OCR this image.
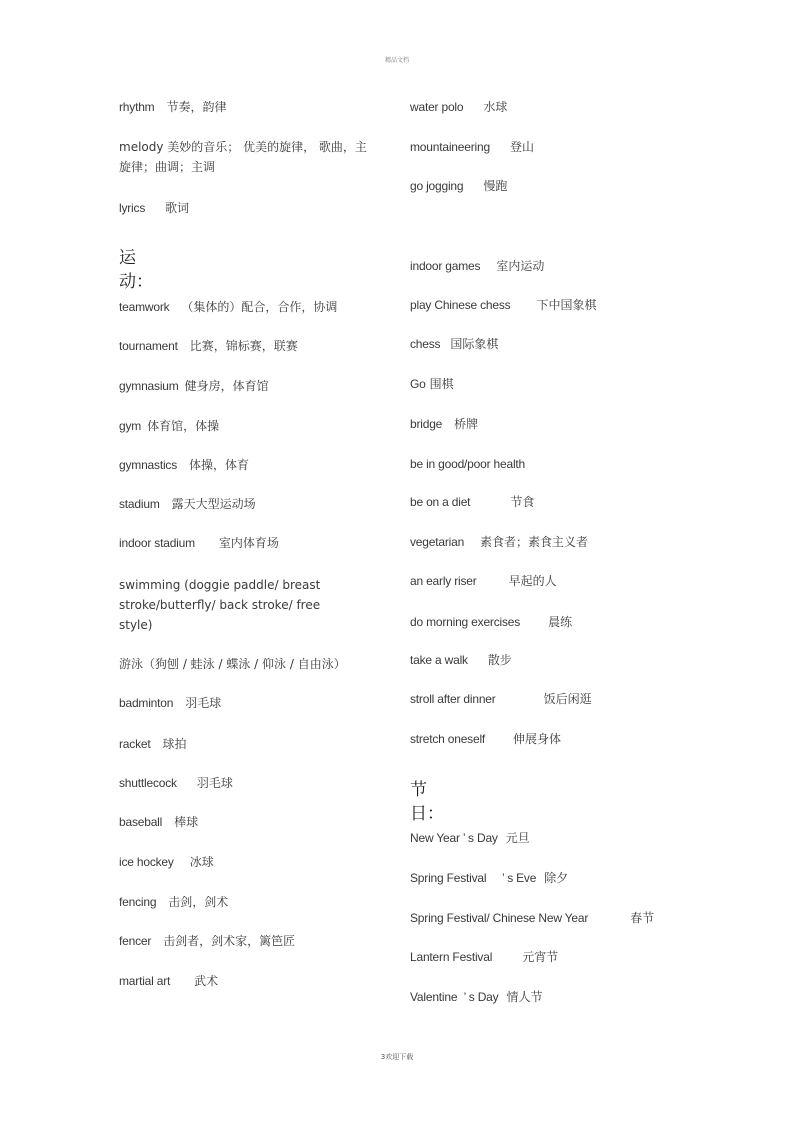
精品文档
rhythm 节奏，韵律
melody 美妙的音乐； 优美的旋律， 歌曲，主
旋律；曲调；主调
lyrics 歌词
运动：
teamwork （集体的）配合，合作，协调
tournament 比赛，锦标赛，联赛
gymnasium 健身房，体育馆
gym 体育馆，体操
gymnastics 体操，体育
stadium 露天大型运动场
indoor stadium 室内体育场
swimming (doggie paddle/ breast
stroke/butterfly/ back stroke/ free
style)
游泳（狗刨 / 蛙泳 / 蝶泳 / 仰泳 / 自由泳）
badminton 羽毛球
racket 球拍
shuttlecock 羽毛球
baseball 棒球
ice hockey 冰球
fencing 击剑，剑术
fencer 击剑者，剑术家，篱笆匠
martial art 武术
water polo 水球
mountaineering 登山
go jogging 慢跑
indoor games 室内运动
play Chinese chess 下中国象棋
chess 国际象棋
Go 围棋
bridge 桥牌
be in good/poor health
be on a diet	节食
vegetarian 素食者；素食主义者
an early riser	早起的人
do morning exercises 晨练
take a walk 散步
stroll after dinner	饭后闲逛
stretch oneself 伸展身体
节日：
New Year ’ s Day 元旦
Spring Festival     ’ s Eve 除夕
Spring Festival/ Chinese New Year	春节
Lantern Festival	元宵节
Valentine  ’ s Day 情人节
3欢迎下载
